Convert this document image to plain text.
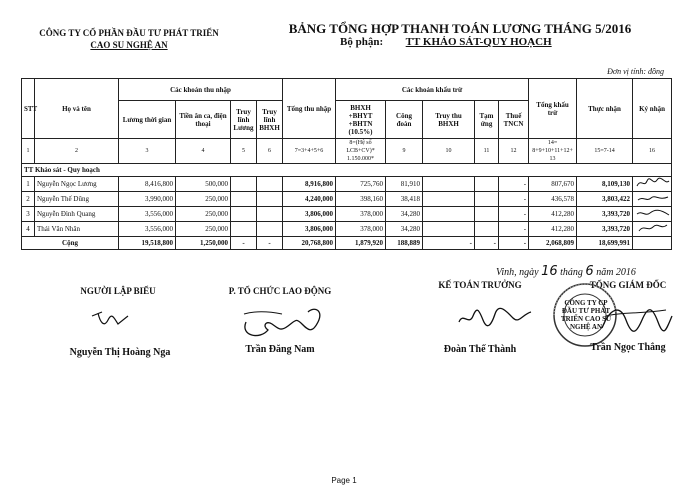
CÔNG TY CỔ PHẦN ĐẦU TƯ PHÁT TRIỂN
CAO SU NGHỆ AN
BẢNG TỔNG HỢP THANH TOÁN LƯƠNG THÁNG 5/2016
Bộ phận: TT KHẢO SÁT-QUY HOẠCH
Đơn vị tính: đồng
STT	Họ và tên	Các khoản thu nhập				Tổng thu nhập	Các khoản khấu trừ					Tổng khấu trừ	Thực nhận	Ký nhận
		Lương thời gian	Tiền ăn ca, điện thoại	Truy lĩnh Lương	Truy lĩnh BHXH		BHXH +BHYT +BHTN (10.5%)	Công đoàn	Truy thu BHXH	Tạm ứng	Thuế TNCN			
1	2	3	4	5	6	7=3+4+5+6	8=(Hệ số LCB+CV)* 1.150.000*	9	10	11	12	14= 8+9+10+11+12+ 13	15=7-14	16
TT Khảo sát - Quy hoạch														
1	Nguyễn Ngọc Lương	8,416,800	500,000			8,916,800	725,760	81,910			-	807,670	8,109,130	
2	Nguyễn Thế Dũng	3,990,000	250,000			4,240,000	398,160	38,418			-	436,578	3,803,422	
3	Nguyễn Đình Quang	3,556,000	250,000			3,806,000	378,000	34,280			-	412,280	3,393,720	
4	Thái Văn Nhân	3,556,000	250,000			3,806,000	378,000	34,280			-	412,280	3,393,720	
Cộng		19,518,800	1,250,000	-	-	20,768,800	1,879,920	188,889	-	-	-	2,068,809	18,699,991	
Vinh, ngày 16 tháng 6 năm 2016
NGƯỜI LẬP BIỂU	P. TỔ CHỨC LAO ĐỘNG
KẾ TOÁN TRƯỞNG	TỔNG GIÁM ĐỐC
CÔNG TY CP ĐẦU TƯ PHÁT TRIỂN CAO SU NGHỆ AN
Nguyễn Thị Hoàng Nga	Trần Đăng Nam	Đoàn Thế Thành	Trần Ngọc Thắng
Page 1
